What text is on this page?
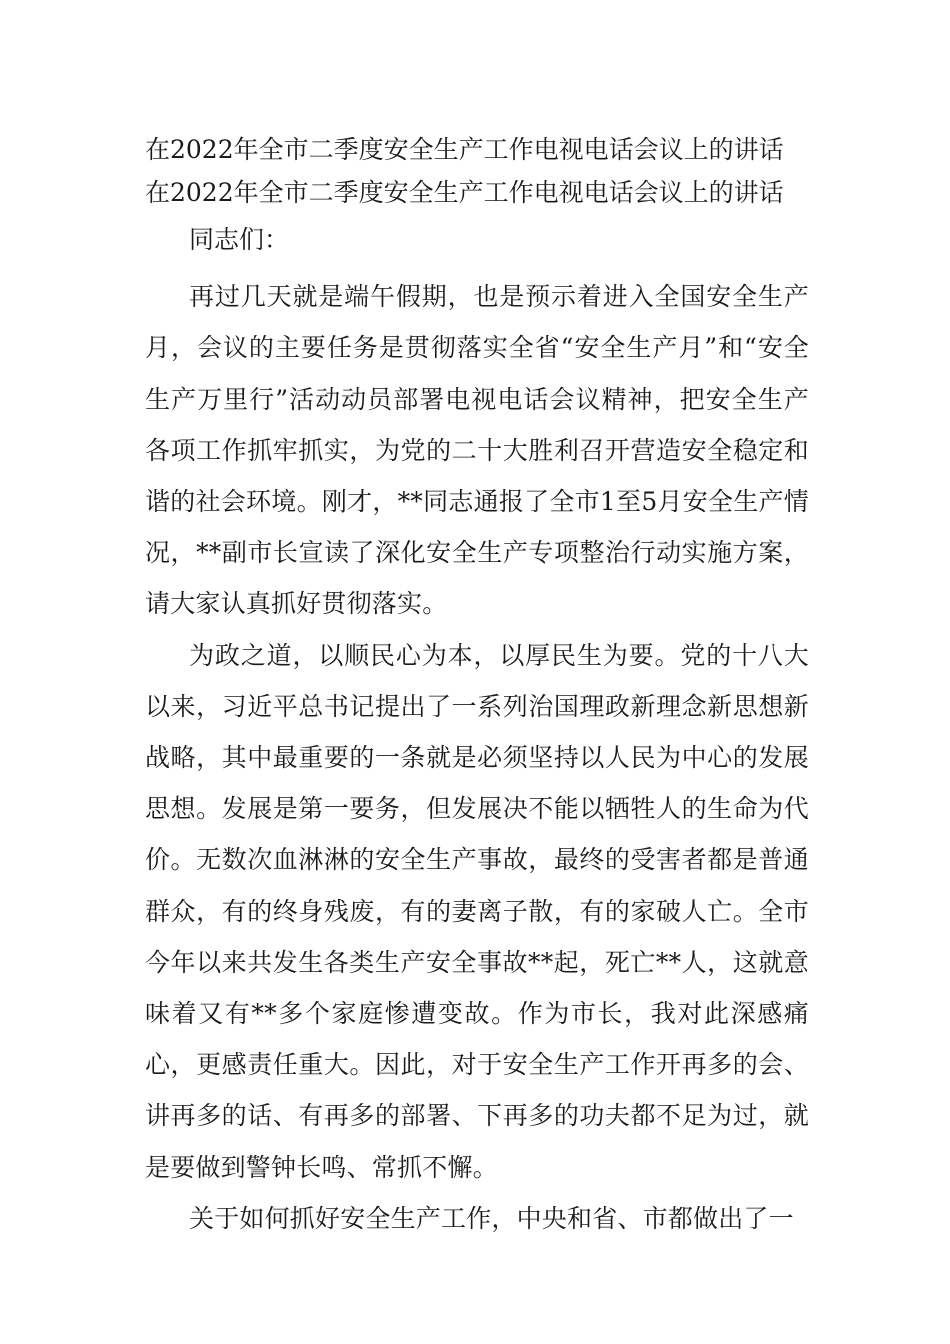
在2022年全市二季度安全生产工作电视电话会议上的讲话
在2022年全市二季度安全生产工作电视电话会议上的讲话

同志们：

再过几天就是端午假期，也是预示着进入全国安全生产月，会议的主要任务是贯彻落实全省“安全生产月”和“安全生产万里行”活动动员部署电视电话会议精神，把安全生产各项工作抓牢抓实，为党的二十大胜利召开营造安全稳定和谐的社会环境。刚才，**同志通报了全市1至5月安全生产情况，**副市长宣读了深化安全生产专项整治行动实施方案，请大家认真抓好贯彻落实。

为政之道，以顺民心为本，以厚民生为要。党的十八大以来，习近平总书记提出了一系列治国理政新理念新思想新战略，其中最重要的一条就是必须坚持以人民为中心的发展思想。发展是第一要务，但发展决不能以牺牲人的生命为代价。无数次血淋淋的安全生产事故，最终的受害者都是普通群众，有的终身残废，有的妻离子散，有的家破人亡。全市今年以来共发生各类生产安全事故**起，死亡**人，这就意味着又有**多个家庭惨遭变故。作为市长，我对此深感痛心，更感责任重大。因此，对于安全生产工作开再多的会、讲再多的话、有再多的部署、下再多的功夫都不足为过，就是要做到警钟长鸣、常抓不懈。

关于如何抓好安全生产工作，中央和省、市都做出了一
